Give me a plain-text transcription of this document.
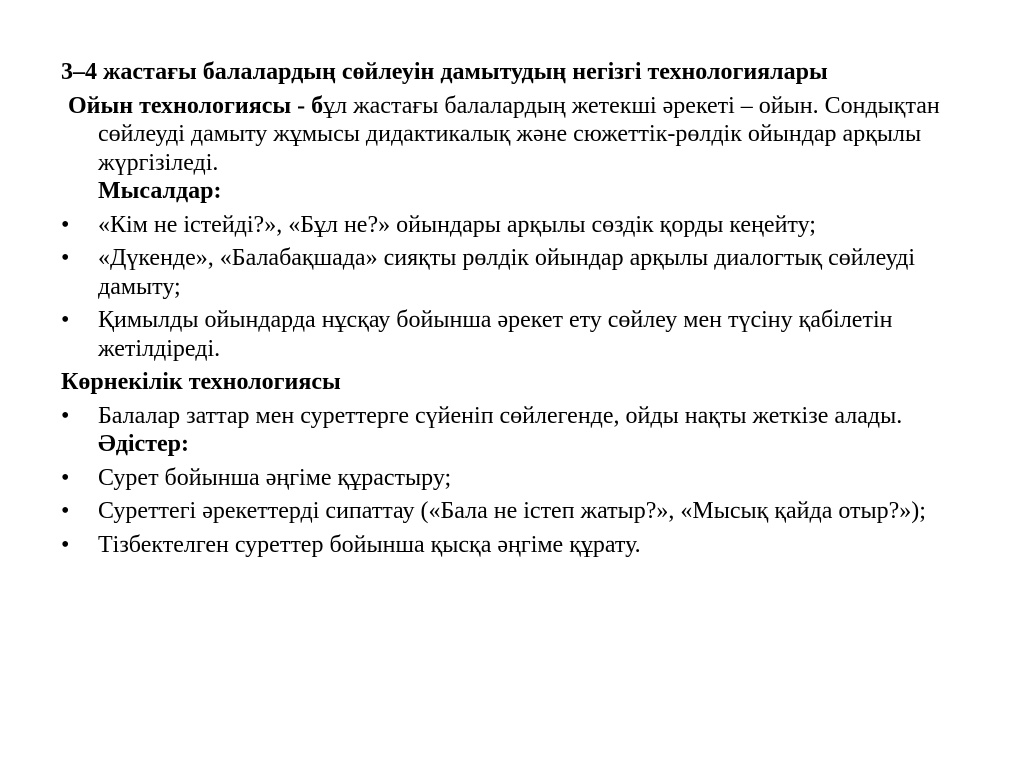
3–4 жастағы балалардың сөйлеуін дамытудың негізгі технологиялары

Ойын технологиясы - бұл жастағы балалардың жетекші әрекеті – ойын. Сондықтан сөйлеуді дамыту жұмысы дидактикалық және сюжеттік-рөлдік ойындар арқылы жүргізіледі.

Мысалдар:

•	«Кім не істейді?», «Бұл не?» ойындары арқылы сөздік қорды кеңейту;
•	«Дүкенде», «Балабақшада» сияқты рөлдік ойындар арқылы диалогтық сөйлеуді дамыту;
•	Қимылды ойындарда нұсқау бойынша әрекет ету сөйлеу мен түсіну қабілетін жетілдіреді.

Көрнекілік технологиясы

•	Балалар заттар мен суреттерге сүйеніп сөйлегенде, ойды нақты жеткізе алады.

Әдістер:

•	Сурет бойынша әңгіме құрастыру;
•	Суреттегі әрекеттерді сипаттау («Бала не істеп жатыр?», «Мысық қайда отыр?»);
•	Тізбектелген суреттер бойынша қысқа әңгіме құрату.
